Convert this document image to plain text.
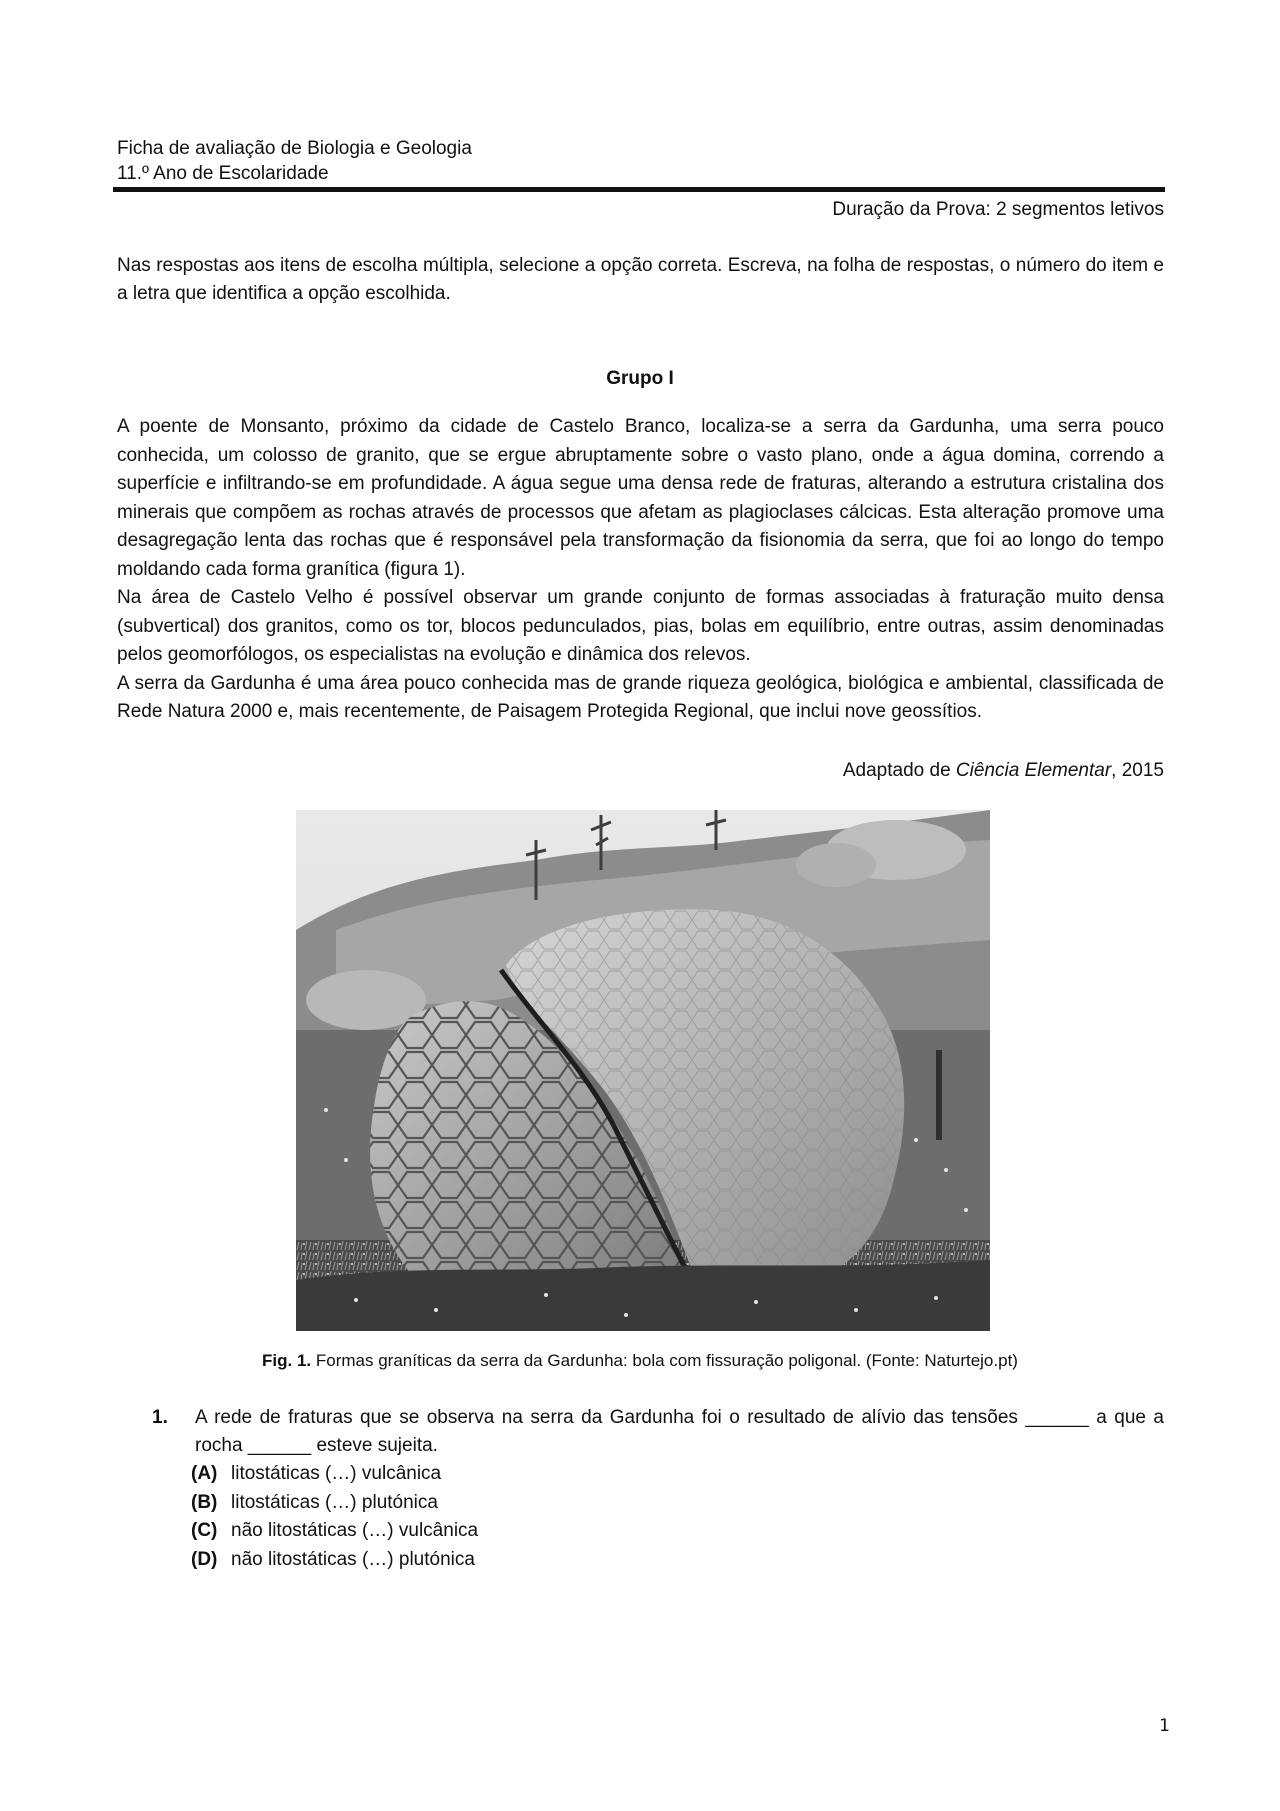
Ficha de avaliação de Biologia e Geologia
11.º Ano de Escolaridade
Duração da Prova: 2 segmentos letivos
Nas respostas aos itens de escolha múltipla, selecione a opção correta. Escreva, na folha de respostas, o número do item e a letra que identifica a opção escolhida.
Grupo I

A poente de Monsanto, próximo da cidade de Castelo Branco, localiza-se a serra da Gardunha, uma serra pouco conhecida, um colosso de granito, que se ergue abruptamente sobre o vasto plano, onde a água domina, correndo a superfície e infiltrando-se em profundidade. A água segue uma densa rede de fraturas, alterando a estrutura cristalina dos minerais que compõem as rochas através de processos que afetam as plagioclases cálcicas. Esta alteração promove uma desagregação lenta das rochas que é responsável pela transformação da fisionomia da serra, que foi ao longo do tempo moldando cada forma granítica (figura 1).

Na área de Castelo Velho é possível observar um grande conjunto de formas associadas à fraturação muito densa (subvertical) dos granitos, como os tor, blocos pedunculados, pias, bolas em equilíbrio, entre outras, assim denominadas pelos geomorfólogos, os especialistas na evolução e dinâmica dos relevos.

A serra da Gardunha é uma área pouco conhecida mas de grande riqueza geológica, biológica e ambiental, classificada de Rede Natura 2000 e, mais recentemente, de Paisagem Protegida Regional, que inclui nove geossítios.

Adaptado de Ciência Elementar, 2015
Fig. 1. Formas graníticas da serra da Gardunha: bola com fissuração poligonal. (Fonte: Naturtejo.pt)
1. A rede de fraturas que se observa na serra da Gardunha foi o resultado de alívio das tensões ______ a que a rocha ______ esteve sujeita.
(A) litostáticas (…) vulcânica
(B) litostáticas (…) plutónica
(C) não litostáticas (…) vulcânica
(D) não litostáticas (…) plutónica
1
